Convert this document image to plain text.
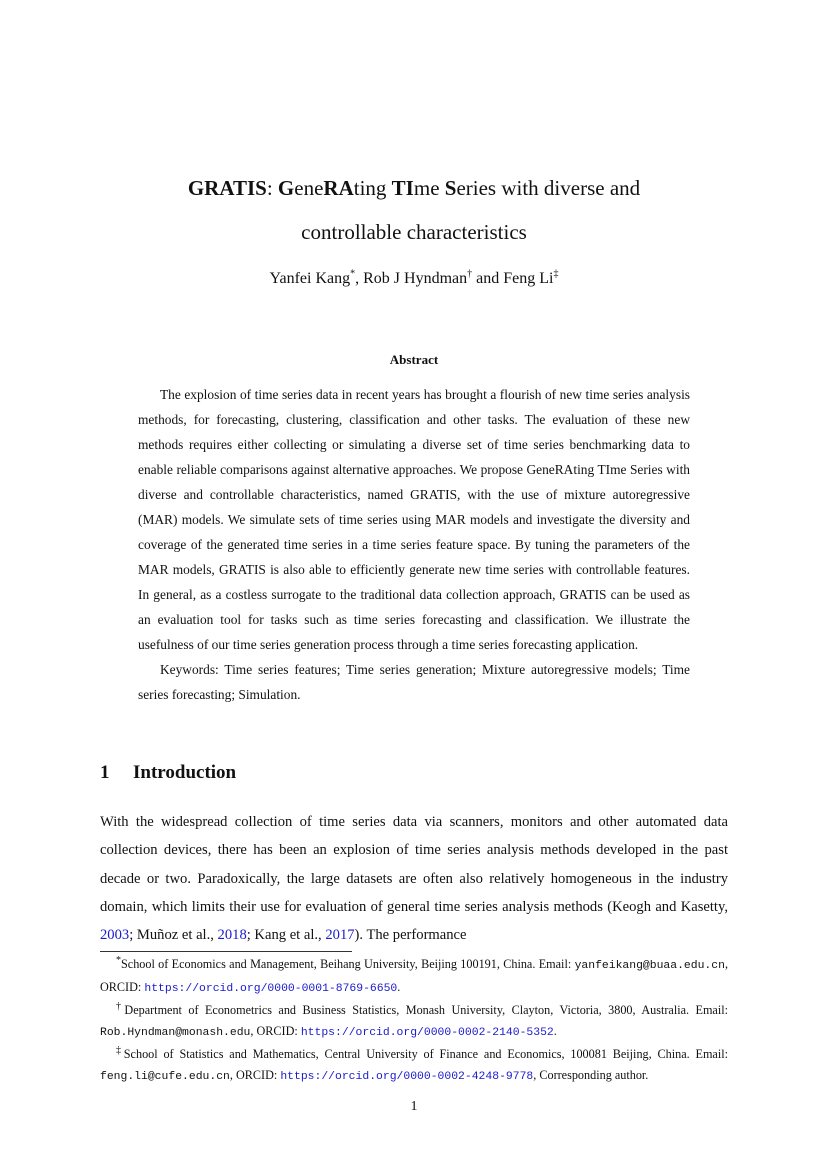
GRATIS: GeneRAting TIme Series with diverse and
controllable characteristics
Yanfei Kang*, Rob J Hyndman† and Feng Li‡
Abstract

The explosion of time series data in recent years has brought a flourish of new time series analysis methods, for forecasting, clustering, classification and other tasks. The evaluation of these new methods requires either collecting or simulating a diverse set of time series benchmarking data to enable reliable comparisons against alternative approaches. We propose GeneRAting TIme Series with diverse and controllable characteristics, named GRATIS, with the use of mixture autoregressive (MAR) models. We simulate sets of time series using MAR models and investigate the diversity and coverage of the generated time series in a time series feature space. By tuning the parameters of the MAR models, GRATIS is also able to efficiently generate new time series with controllable features. In general, as a costless surrogate to the traditional data collection approach, GRATIS can be used as an evaluation tool for tasks such as time series forecasting and classification. We illustrate the usefulness of our time series generation process through a time series forecasting application.

Keywords: Time series features; Time series generation; Mixture autoregressive models; Time series forecasting; Simulation.

1 Introduction

With the widespread collection of time series data via scanners, monitors and other automated data collection devices, there has been an explosion of time series analysis methods developed in the past decade or two. Paradoxically, the large datasets are often also relatively homogeneous in the industry domain, which limits their use for evaluation of general time series analysis methods (Keogh and Kasetty, 2003; Muñoz et al., 2018; Kang et al., 2017). The performance

*School of Economics and Management, Beihang University, Beijing 100191, China. Email: yanfeikang@buaa.edu.cn, ORCID: https://orcid.org/0000-0001-8769-6650.

†Department of Econometrics and Business Statistics, Monash University, Clayton, Victoria, 3800, Australia. Email: Rob.Hyndman@monash.edu, ORCID: https://orcid.org/0000-0002-2140-5352.

‡School of Statistics and Mathematics, Central University of Finance and Economics, 100081 Beijing, China. Email: feng.li@cufe.edu.cn, ORCID: https://orcid.org/0000-0002-4248-9778, Corresponding author.

1
